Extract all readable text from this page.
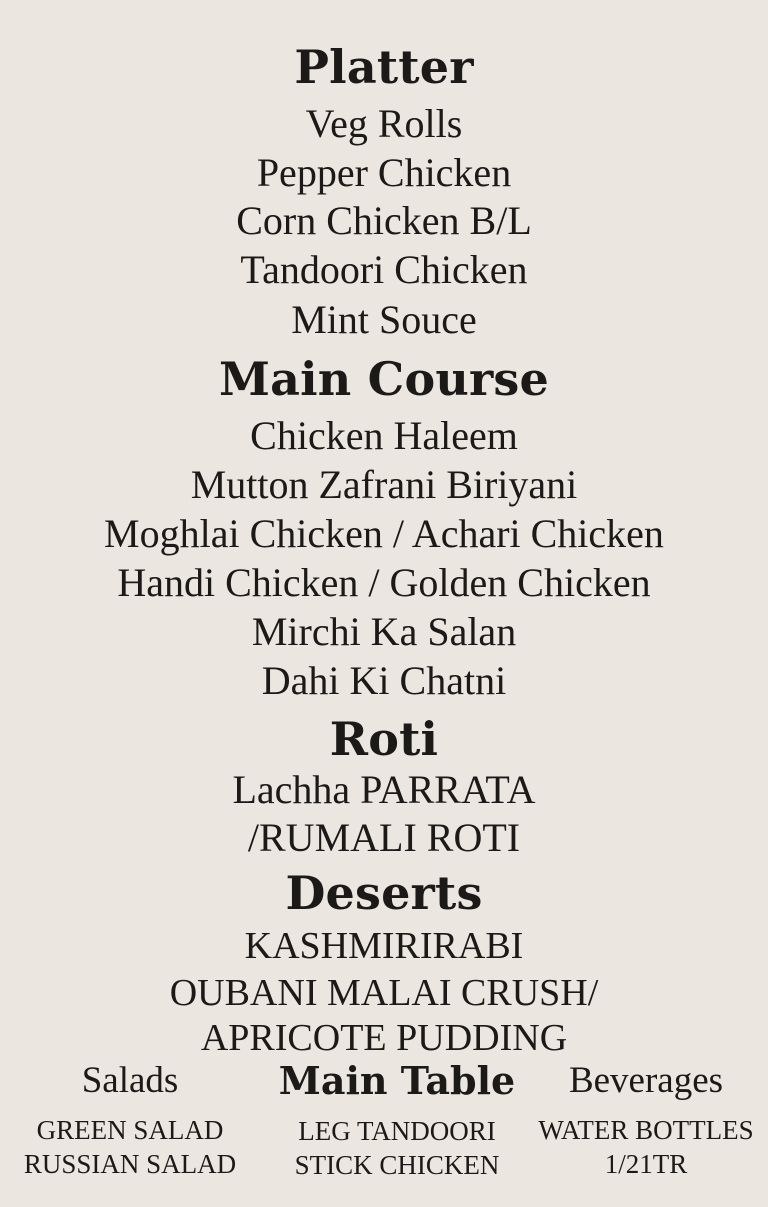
Platter
Veg Rolls
Pepper Chicken
Corn Chicken B/L
Tandoori Chicken
Mint Souce
Main Course
Chicken Haleem
Mutton Zafrani Biriyani
Moghlai Chicken / Achari Chicken
Handi Chicken / Golden Chicken
Mirchi Ka Salan
Dahi Ki Chatni
Roti
Lachha PARRATA
/RUMALI ROTI
Deserts
KASHMIRIRABI
OUBANI MALAI CRUSH/
APRICOTE PUDDING
Salads
GREEN SALAD
RUSSIAN SALAD
Main Table
LEG TANDOORI
STICK CHICKEN
Beverages
WATER BOTTLES
1/21TR
